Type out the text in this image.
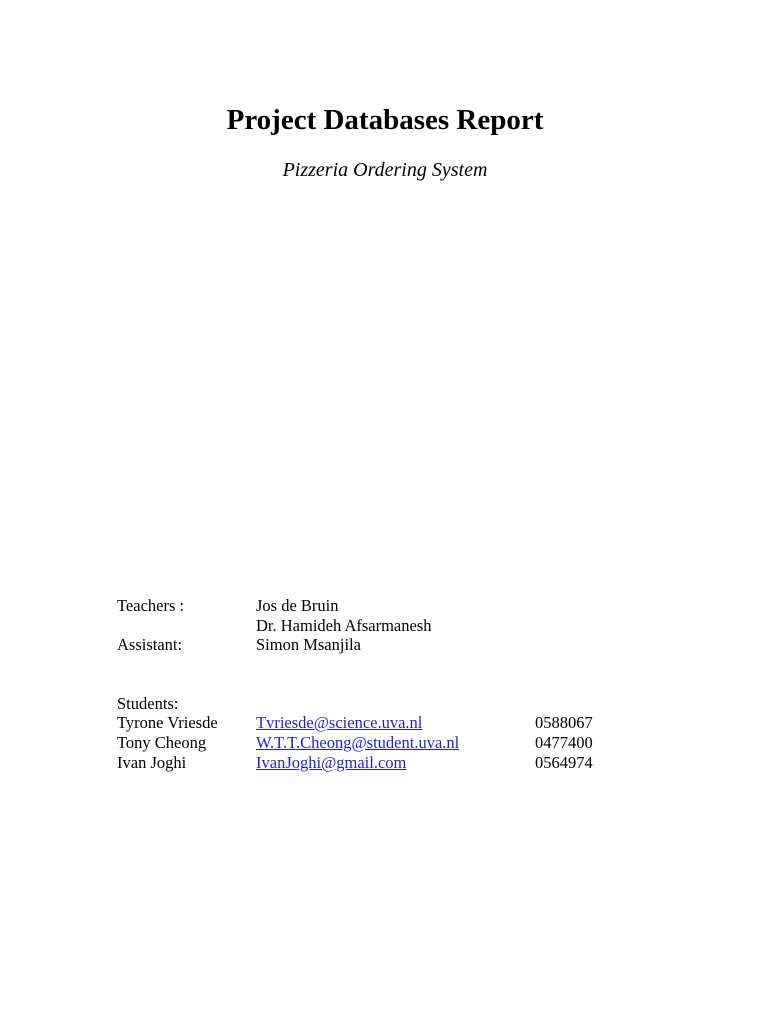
Project Databases Report
Pizzeria Ordering System
Teachers :	Jos de Bruin
Dr. Hamideh Afsarmanesh
Assistant:	Simon Msanjila
Students:
Tyrone Vriesde Tvriesde@science.uva.nl	0588067
Tony Cheong	W.T.T.Cheong@student.uva.nl	0477400
Ivan Joghi	IvanJoghi@gmail.com	0564974
